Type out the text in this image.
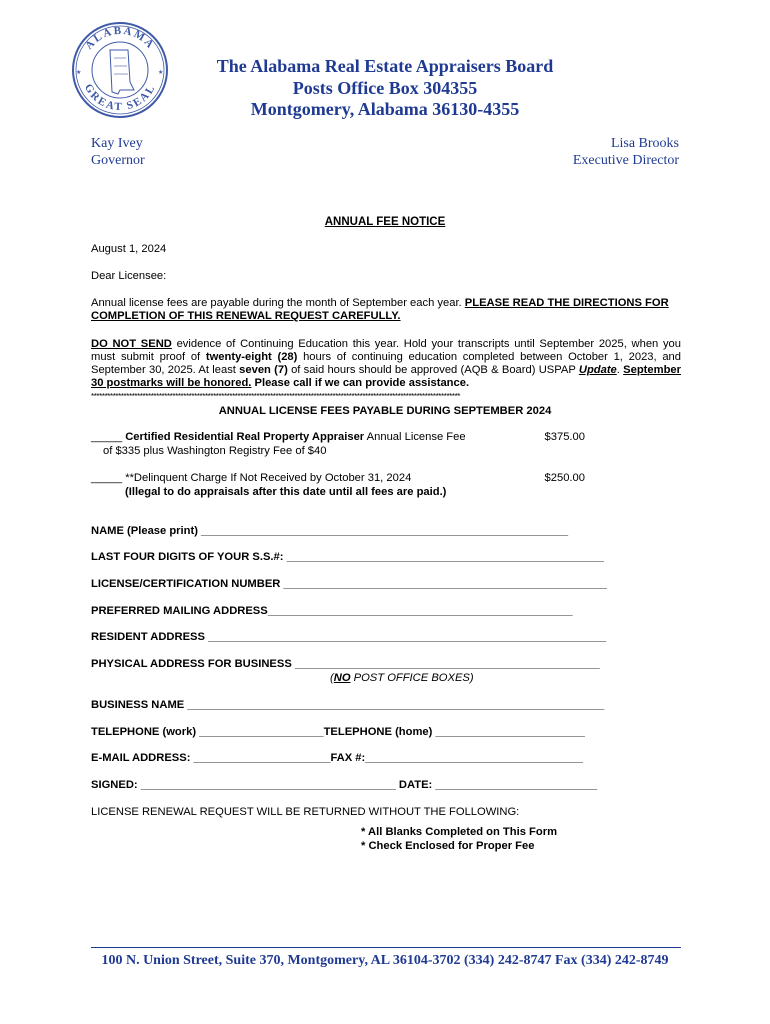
ALABAMA
GREAT SEAL
★	★	The Alabama Real Estate Appraisers Board
Posts Office Box 304355
Montgomery, Alabama 36130-4355
Kay Ivey
Governor
Lisa Brooks
Executive Director
ANNUAL FEE NOTICE
August 1, 2024
Dear Licensee:
Annual license fees are payable during the month of September each year. PLEASE READ THE DIRECTIONS FOR COMPLETION OF THIS RENEWAL REQUEST CAREFULLY.
DO NOT SEND evidence of Continuing Education this year. Hold your transcripts until September 2025, when you must submit proof of twenty-eight (28) hours of continuing education completed between October 1, 2023, and September 30, 2025. At least seven (7) of said hours should be approved (AQB & Board) USPAP Update. September 30 postmarks will be honored. Please call if we can provide assistance.
****************************************************************************************************************************************
ANNUAL LICENSE FEES PAYABLE DURING SEPTEMBER 2024
_____ Certified Residential Real Property Appraiser Annual License Fee
of $335 plus Washington Registry Fee of $40
$375.00
_____ **Delinquent Charge If Not Received by October 31, 2024
(Illegal to do appraisals after this date until all fees are paid.)
$250.00
NAME (Please print) ___________________________________________________________
LAST FOUR DIGITS OF YOUR S.S.#: ___________________________________________________
LICENSE/CERTIFICATION NUMBER ____________________________________________________
PREFERRED MAILING ADDRESS_________________________________________________
RESIDENT ADDRESS ________________________________________________________________
PHYSICAL ADDRESS FOR BUSINESS _________________________________________________
(NO POST OFFICE BOXES)
BUSINESS NAME ___________________________________________________________________
TELEPHONE (work) ____________________TELEPHONE (home) ________________________
E-MAIL ADDRESS: ______________________FAX #:___________________________________
SIGNED: _________________________________________ DATE: __________________________
LICENSE RENEWAL REQUEST WILL BE RETURNED WITHOUT THE FOLLOWING:
* All Blanks Completed on This Form
* Check Enclosed for Proper Fee
100 N. Union Street, Suite 370, Montgomery, AL 36104-3702 (334) 242-8747 Fax (334) 242-8749
